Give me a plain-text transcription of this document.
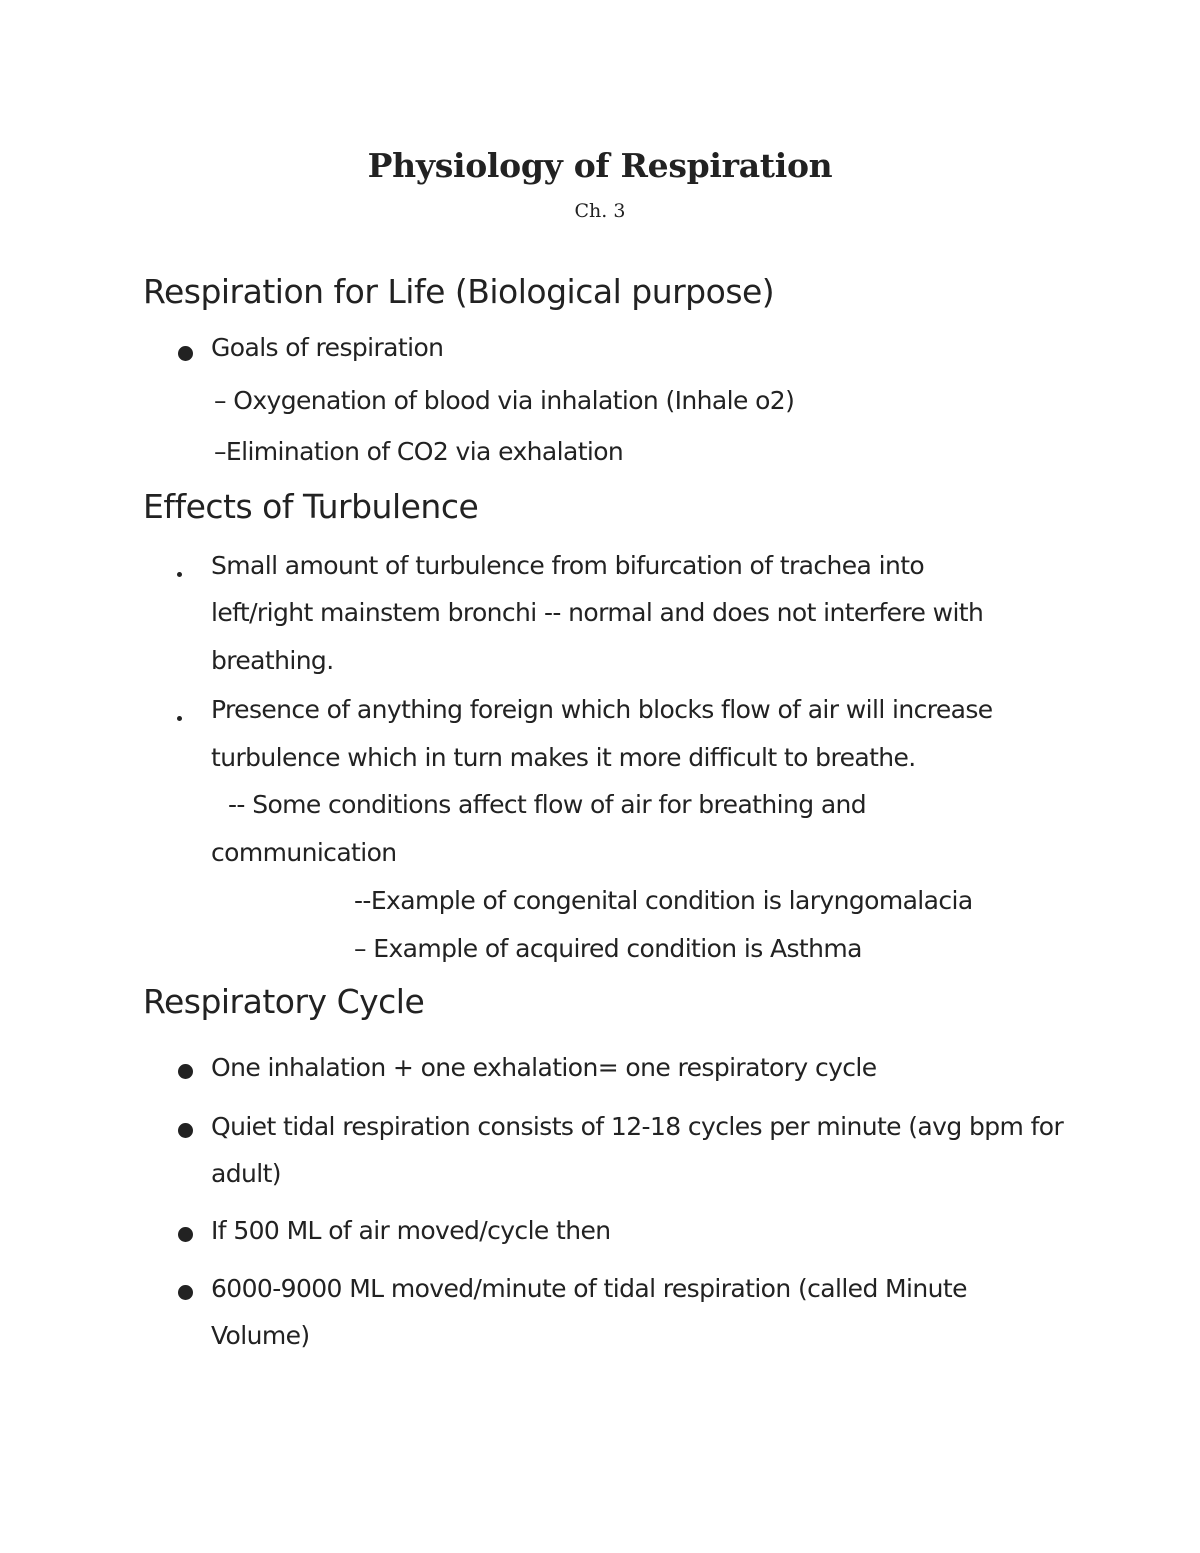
Physiology of Respiration
Ch. 3
Respiration for Life (Biological purpose)
Goals of respiration
– Oxygenation of blood via inhalation (Inhale o2)
–Elimination of CO2 via exhalation
Effects of Turbulence
Small amount of turbulence from bifurcation of trachea into
left/right mainstem bronchi -- normal and does not interfere with
breathing.
Presence of anything foreign which blocks flow of air will increase
turbulence which in turn makes it more difficult to breathe.
-- Some conditions affect flow of air for breathing and
communication
--Example of congenital condition is laryngomalacia
– Example of acquired condition is Asthma
Respiratory Cycle
One inhalation + one exhalation= one respiratory cycle
Quiet tidal respiration consists of 12-18 cycles per minute (avg bpm for
adult)
If 500 ML of air moved/cycle then
6000-9000 ML moved/minute of tidal respiration (called Minute
Volume)
